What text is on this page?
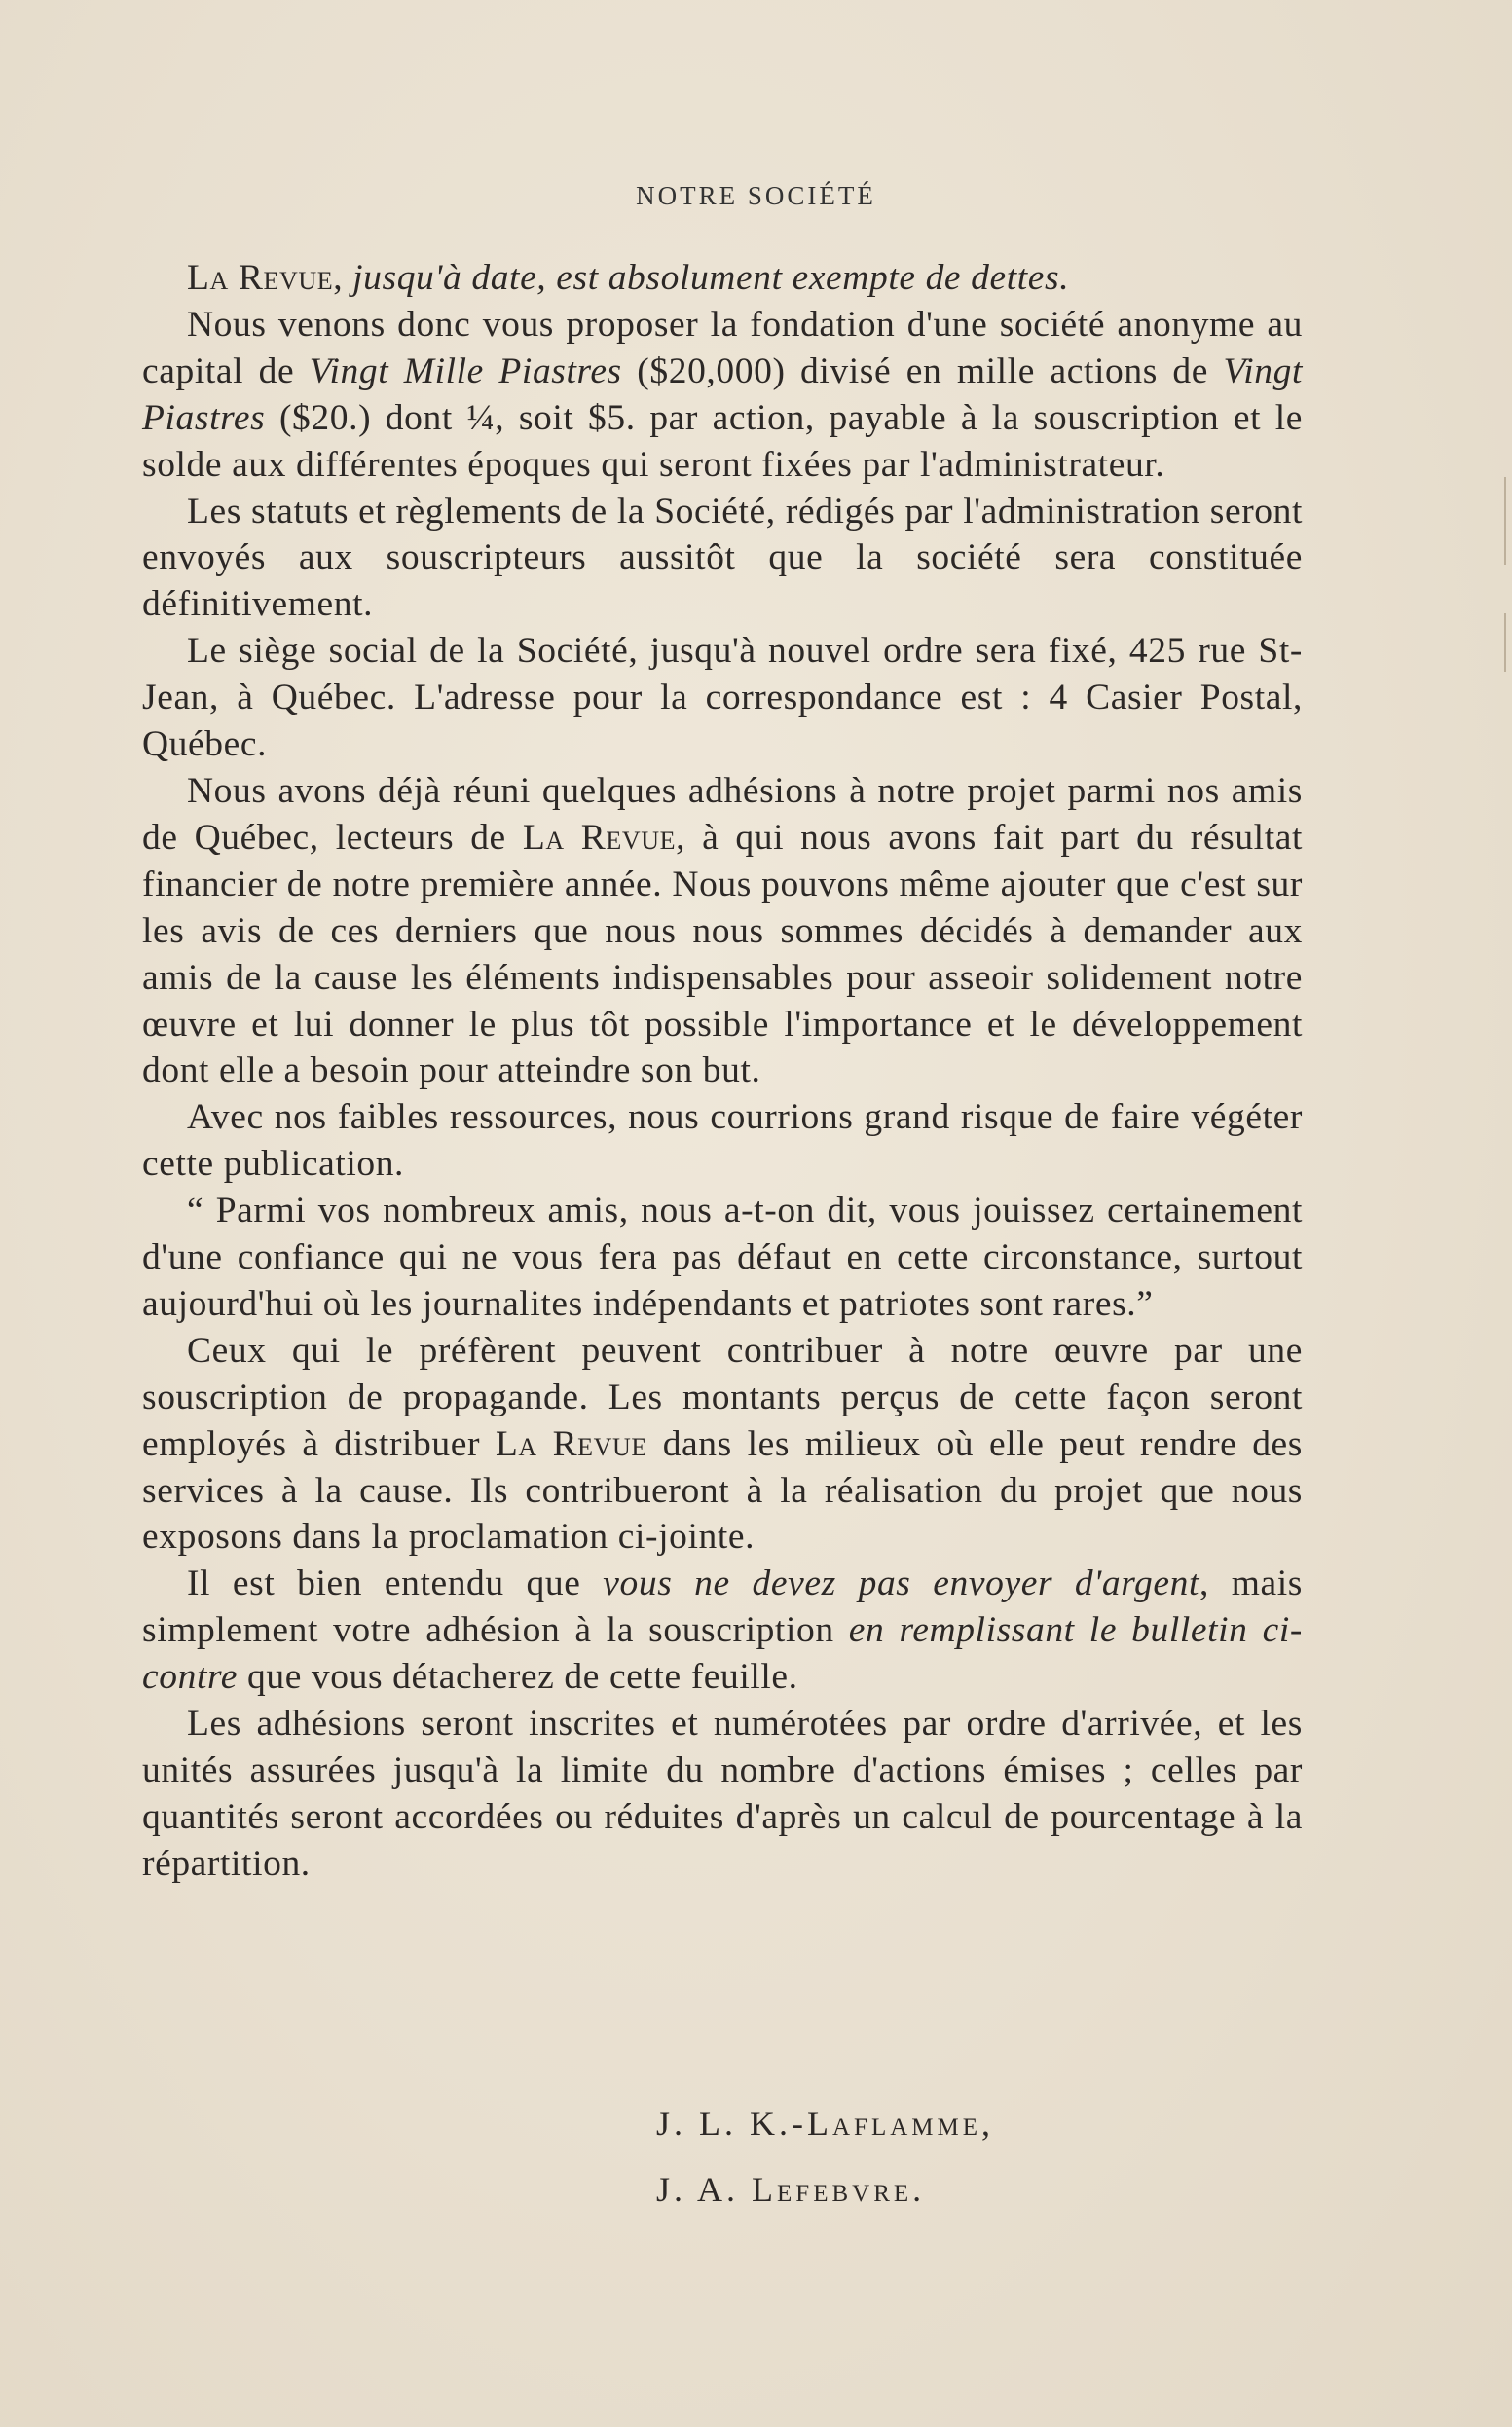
NOTRE SOCIÉTÉ

La Revue, jusqu'à date, est absolument exempte de dettes.

Nous venons donc vous proposer la fondation d'une société anonyme au capital de Vingt Mille Piastres ($20,000) divisé en mille actions de Vingt Piastres ($20.) dont ¼, soit $5. par action, payable à la souscription et le solde aux différentes époques qui seront fixées par l'administrateur.

Les statuts et règlements de la Société, rédigés par l'administration seront envoyés aux souscripteurs aussitôt que la société sera constituée définitivement.

Le siège social de la Société, jusqu'à nouvel ordre sera fixé, 425 rue St-Jean, à Québec. L'adresse pour la correspondance est : 4 Casier Postal, Québec.

Nous avons déjà réuni quelques adhésions à notre projet parmi nos amis de Québec, lecteurs de La Revue, à qui nous avons fait part du résultat financier de notre première année. Nous pouvons même ajouter que c'est sur les avis de ces derniers que nous nous sommes décidés à demander aux amis de la cause les éléments indispensables pour asseoir solidement notre œuvre et lui donner le plus tôt possible l'importance et le développement dont elle a besoin pour atteindre son but.

Avec nos faibles ressources, nous courrions grand risque de faire végéter cette publication.

“ Parmi vos nombreux amis, nous a-t-on dit, vous jouissez certainement d'une confiance qui ne vous fera pas défaut en cette circonstance, surtout aujourd'hui où les journalites indépendants et patriotes sont rares.”

Ceux qui le préfèrent peuvent contribuer à notre œuvre par une souscription de propagande. Les montants perçus de cette façon seront employés à distribuer La Revue dans les milieux où elle peut rendre des services à la cause. Ils contribueront à la réalisation du projet que nous exposons dans la proclamation ci-jointe.

Il est bien entendu que vous ne devez pas envoyer d'argent, mais simplement votre adhésion à la souscription en remplissant le bulletin ci-contre que vous détacherez de cette feuille.

Les adhésions seront inscrites et numérotées par ordre d'arrivée, et les unités assurées jusqu'à la limite du nombre d'actions émises ; celles par quantités seront accordées ou réduites d'après un calcul de pourcentage à la répartition.

J. L. K.-Laflamme,
J. A. Lefebvre.
